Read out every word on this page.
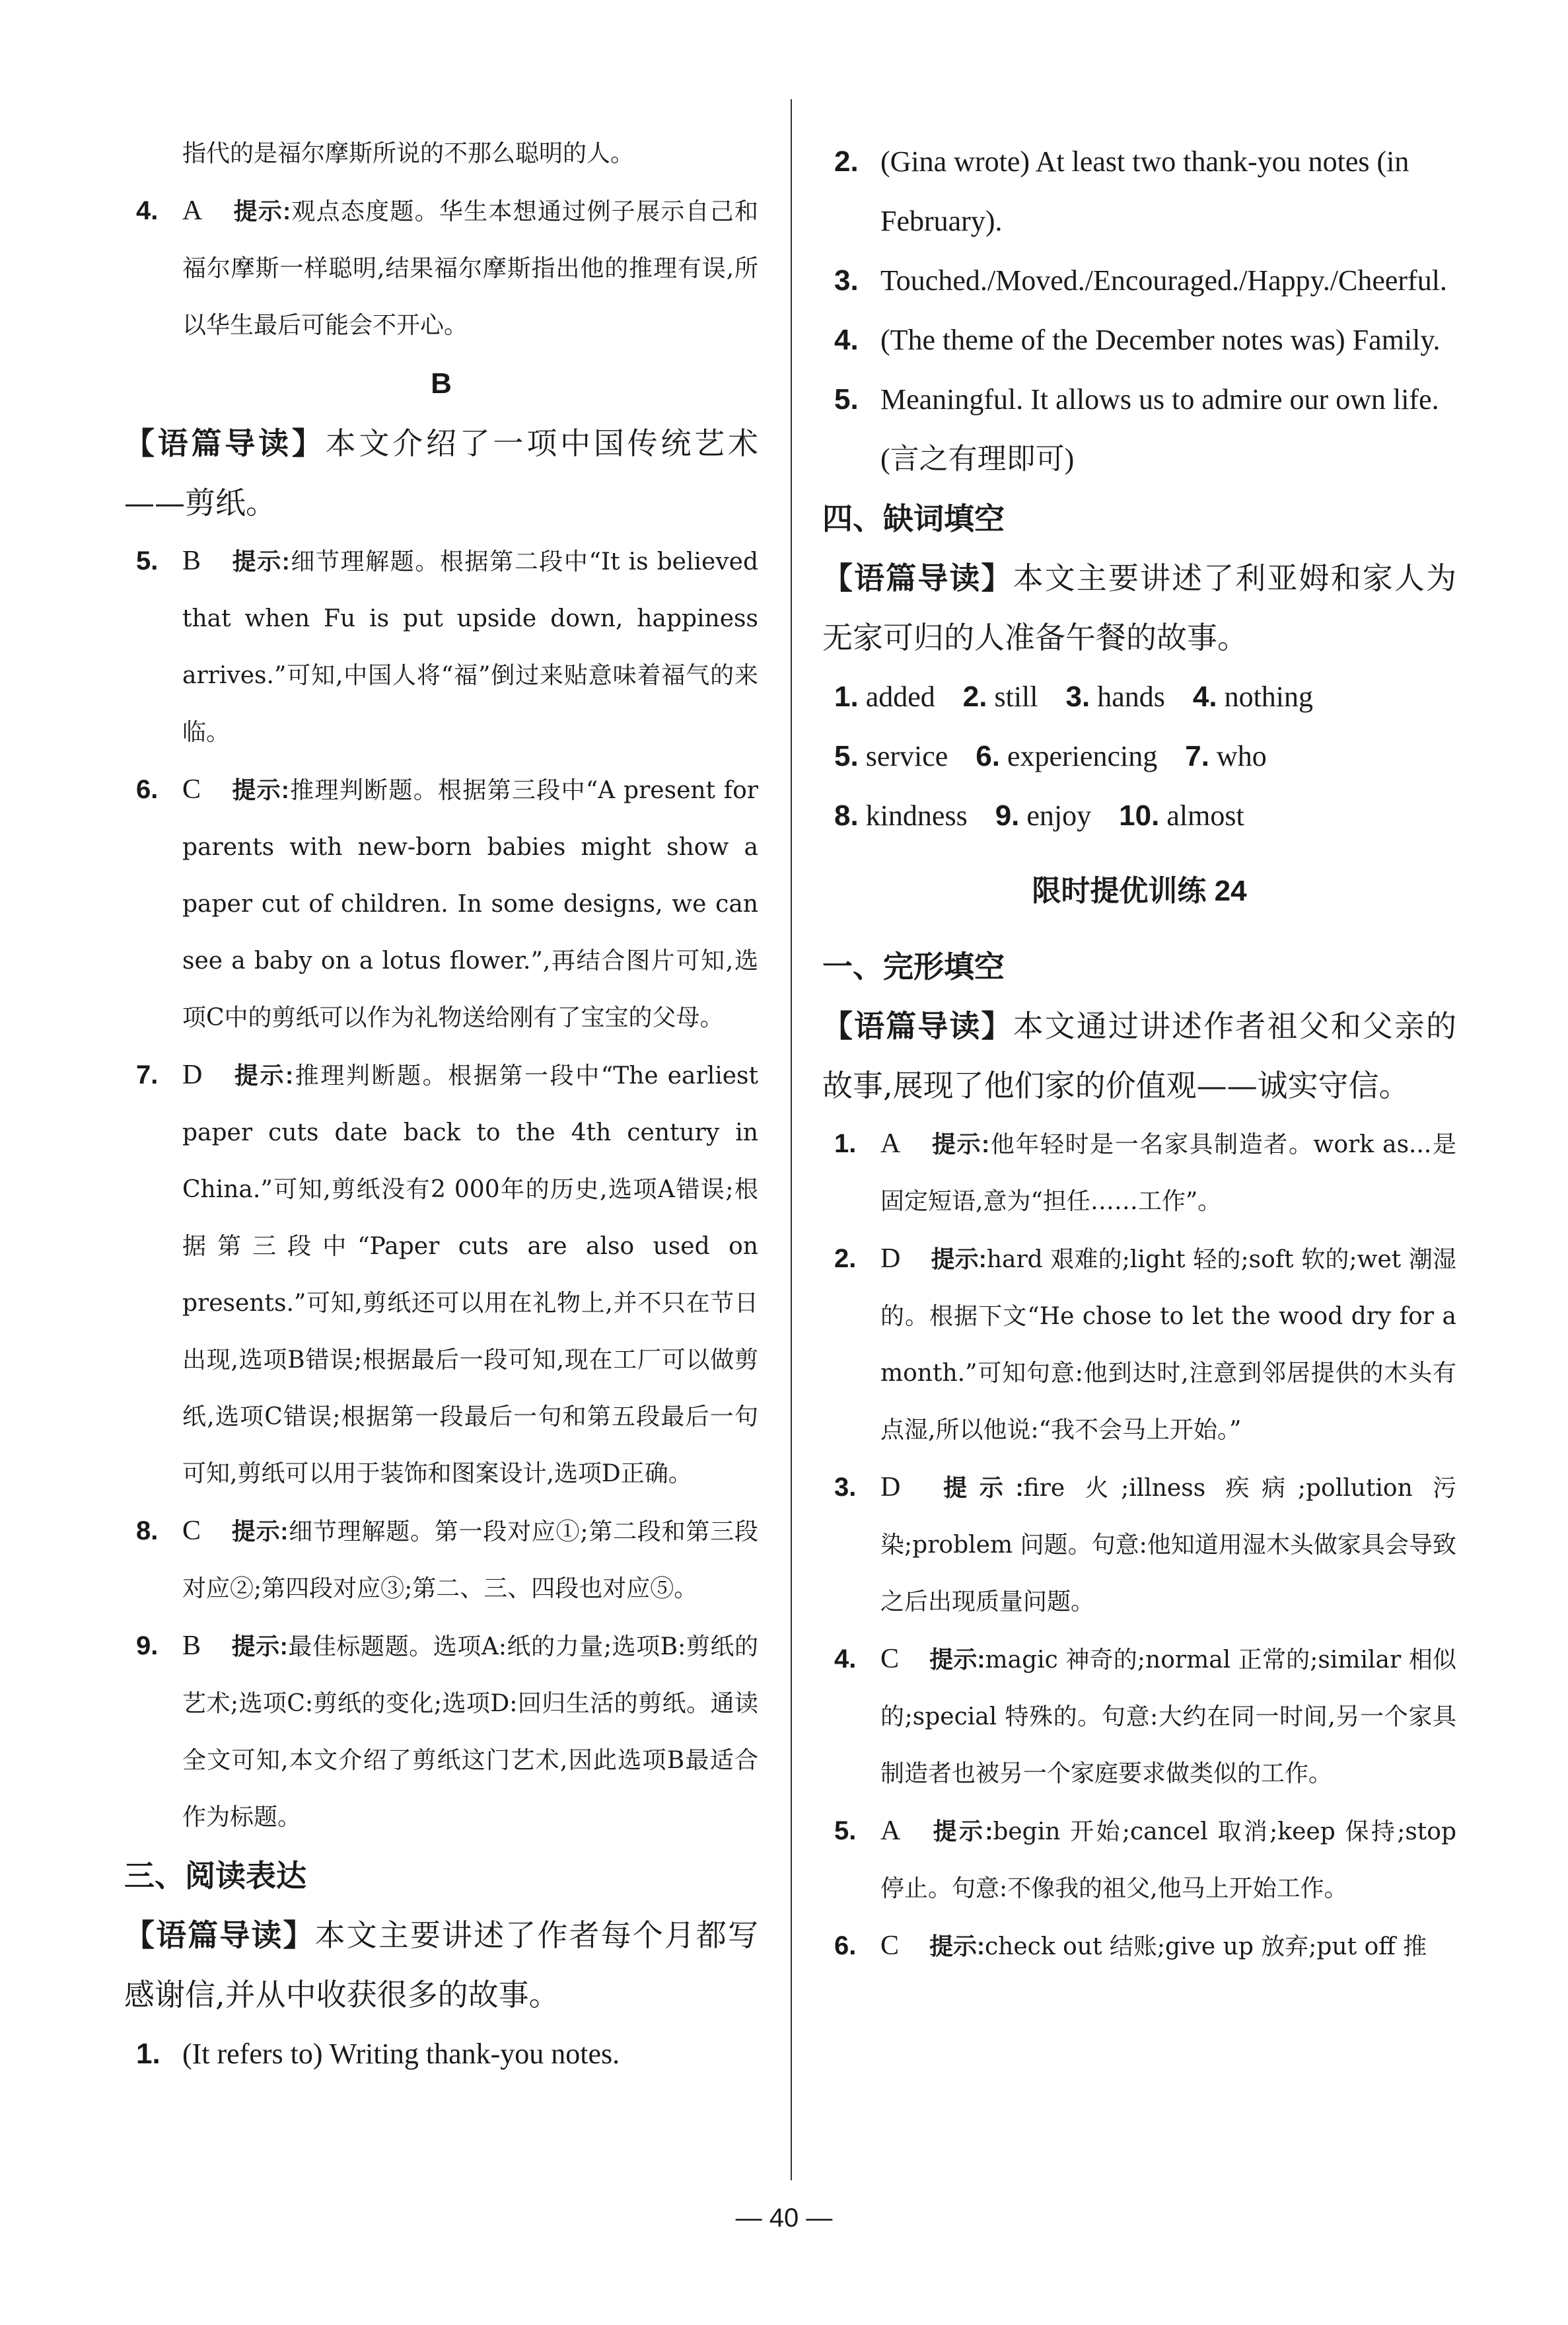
指代的是福尔摩斯所说的不那么聪明的人。
4. A 提示:观点态度题。华生本想通过例子展示自己和福尔摩斯一样聪明,结果福尔摩斯指出他的推理有误,所以华生最后可能会不开心。
B
【语篇导读】本文介绍了一项中国传统艺术——剪纸。
5. B 提示:细节理解题。根据第二段中“It is believed that when Fu is put upside down, happiness arrives.”可知,中国人将“福”倒过来贴意味着福气的来临。
6. C 提示:推理判断题。根据第三段中“A present for parents with new-born babies might show a paper cut of children. In some designs, we can see a baby on a lotus flower.”,再结合图片可知,选项C中的剪纸可以作为礼物送给刚有了宝宝的父母。
7. D 提示:推理判断题。根据第一段中“The earliest paper cuts date back to the 4th century in China.”可知,剪纸没有2 000年的历史,选项A错误;根据第三段中“Paper cuts are also used on presents.”可知,剪纸还可以用在礼物上,并不只在节日出现,选项B错误;根据最后一段可知,现在工厂可以做剪纸,选项C错误;根据第一段最后一句和第五段最后一句可知,剪纸可以用于装饰和图案设计,选项D正确。
8. C 提示:细节理解题。第一段对应①;第二段和第三段对应②;第四段对应③;第二、三、四段也对应⑤。
9. B 提示:最佳标题题。选项A:纸的力量;选项B:剪纸的艺术;选项C:剪纸的变化;选项D:回归生活的剪纸。通读全文可知,本文介绍了剪纸这门艺术,因此选项B最适合作为标题。
三、阅读表达
【语篇导读】本文主要讲述了作者每个月都写感谢信,并从中收获很多的故事。
1. (It refers to) Writing thank-you notes.
2. (Gina wrote) At least two thank-you notes (in February).
3. Touched./Moved./Encouraged./Happy./Cheerful.
4. (The theme of the December notes was) Family.
5. Meaningful. It allows us to admire our own life.(言之有理即可)
四、缺词填空
【语篇导读】本文主要讲述了利亚姆和家人为无家可归的人准备午餐的故事。
1. added 2. still 3. hands 4. nothing
5. service 6. experiencing 7. who
8. kindness 9. enjoy 10. almost
限时提优训练 24
一、完形填空
【语篇导读】本文通过讲述作者祖父和父亲的故事,展现了他们家的价值观——诚实守信。
1. A 提示:他年轻时是一名家具制造者。work as...是固定短语,意为“担任……工作”。
2. D 提示:hard 艰难的;light 轻的;soft 软的;wet 潮湿的。根据下文“He chose to let the wood dry for a month.”可知句意:他到达时,注意到邻居提供的木头有点湿,所以他说:“我不会马上开始。”
3. D 提示:fire 火;illness 疾病;pollution 污染;problem 问题。句意:他知道用湿木头做家具会导致之后出现质量问题。
4. C 提示:magic 神奇的;normal 正常的;similar 相似的;special 特殊的。句意:大约在同一时间,另一个家具制造者也被另一个家庭要求做类似的工作。
5. A 提示:begin 开始;cancel 取消;keep 保持;stop 停止。句意:不像我的祖父,他马上开始工作。
6. C 提示:check out 结账;give up 放弃;put off 推
— 40 —
